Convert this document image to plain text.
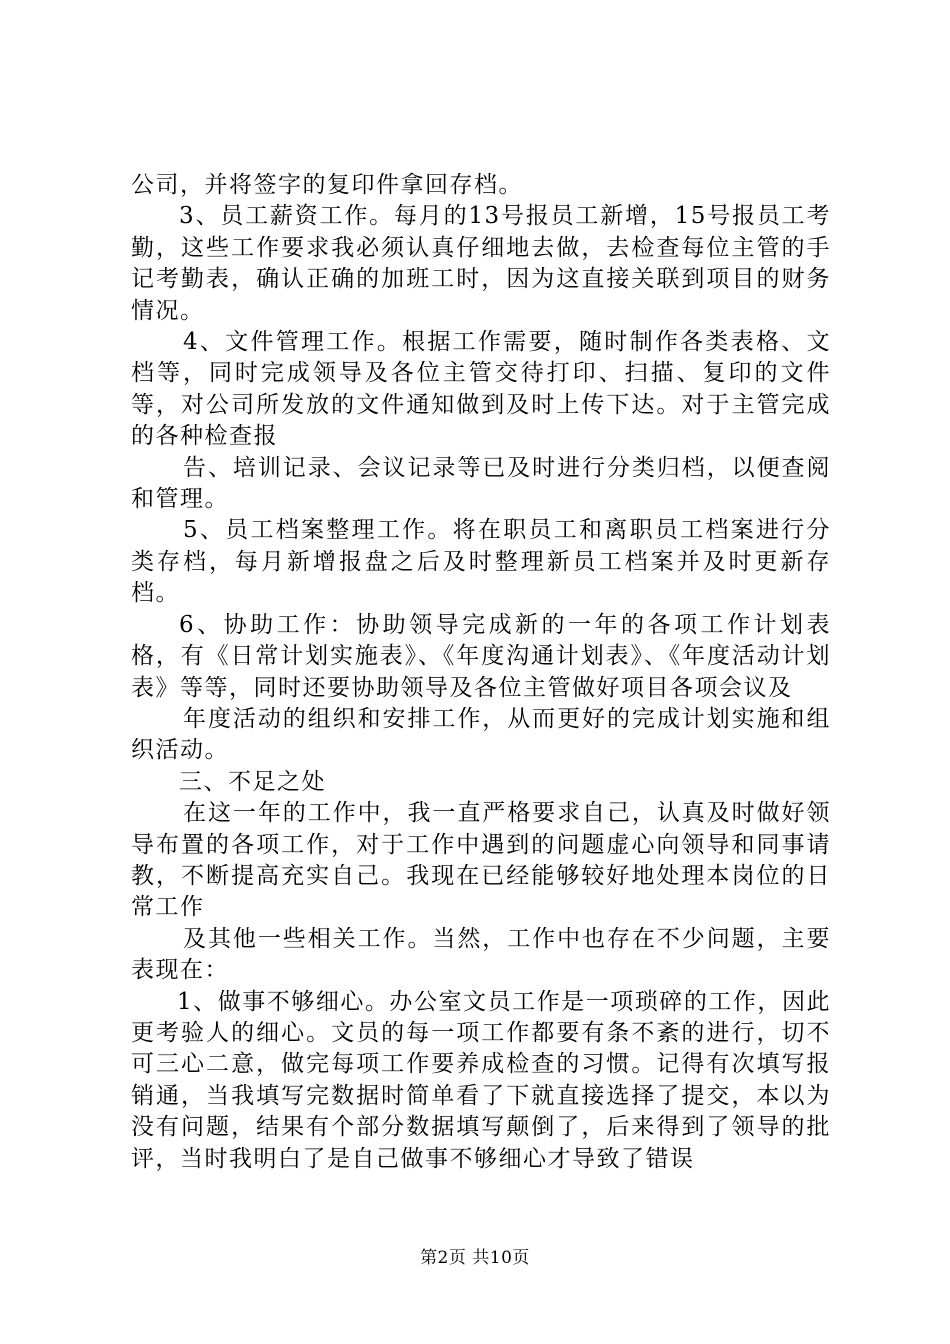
公司，并将签字的复印件拿回存档。

3、员工薪资工作。每月的13号报员工新增，15号报员工考勤，这些工作要求我必须认真仔细地去做，去检查每位主管的手记考勤表，确认正确的加班工时，因为这直接关联到项目的财务情况。

4、文件管理工作。根据工作需要，随时制作各类表格、文档等，同时完成领导及各位主管交待打印、扫描、复印的文件等，对公司所发放的文件通知做到及时上传下达。对于主管完成的各种检查报

告、培训记录、会议记录等已及时进行分类归档，以便查阅和管理。

5、员工档案整理工作。将在职员工和离职员工档案进行分类存档，每月新增报盘之后及时整理新员工档案并及时更新存档。

6、协助工作：协助领导完成新的一年的各项工作计划表格，有《日常计划实施表》、《年度沟通计划表》、《年度活动计划表》等等，同时还要协助领导及各位主管做好项目各项会议及

年度活动的组织和安排工作，从而更好的完成计划实施和组织活动。

三、不足之处

在这一年的工作中，我一直严格要求自己，认真及时做好领导布置的各项工作，对于工作中遇到的问题虚心向领导和同事请教，不断提高充实自己。我现在已经能够较好地处理本岗位的日常工作

及其他一些相关工作。当然，工作中也存在不少问题，主要表现在：

1、做事不够细心。办公室文员工作是一项琐碎的工作，因此更考验人的细心。文员的每一项工作都要有条不紊的进行，切不可三心二意，做完每项工作要养成检查的习惯。记得有次填写报销通，当我填写完数据时简单看了下就直接选择了提交，本以为没有问题，结果有个部分数据填写颠倒了，后来得到了领导的批评，当时我明白了是自己做事不够细心才导致了错误

第2页 共10页
